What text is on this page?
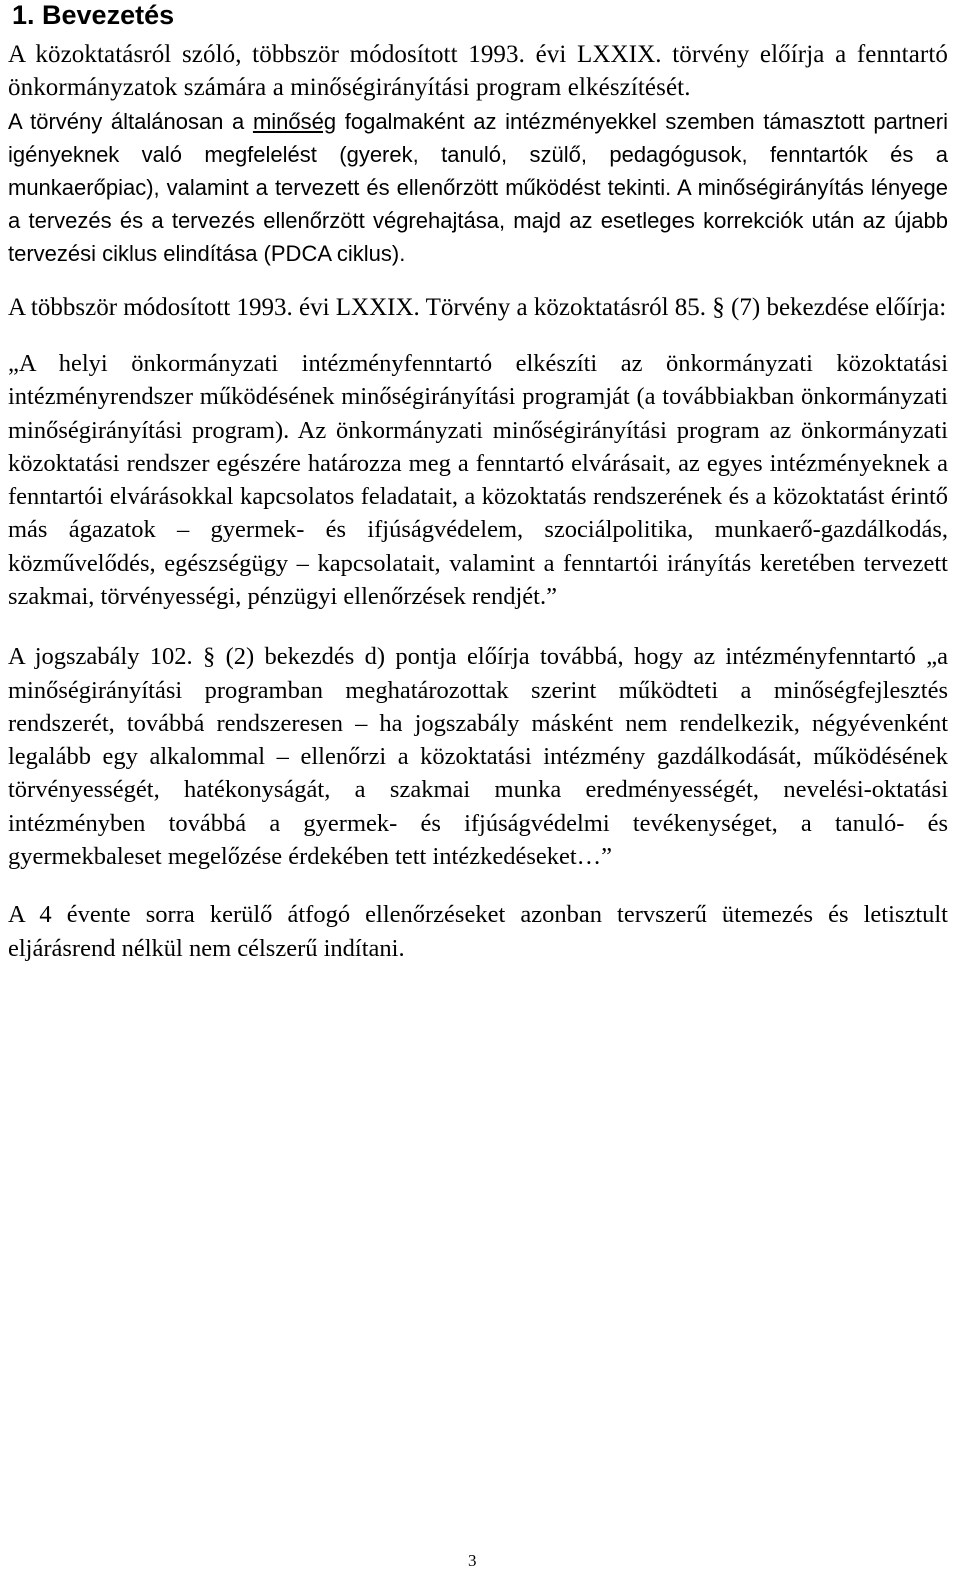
1. Bevezetés

A közoktatásról szóló, többször módosított 1993. évi LXXIX. törvény előírja a fenntartó önkormányzatok számára a minőségirányítási program elkészítését.

A törvény általánosan a minőség fogalmaként az intézményekkel szemben támasztott partneri igényeknek való megfelelést (gyerek, tanuló, szülő, pedagógusok, fenntartók és a munkaerőpiac), valamint a tervezett és ellenőrzött működést tekinti. A minőségirányítás lényege a tervezés és a tervezés ellenőrzött végrehajtása, majd az esetleges korrekciók után az újabb tervezési ciklus elindítása (PDCA ciklus).

A többször módosított 1993. évi LXXIX. Törvény a közoktatásról 85. § (7) bekezdése előírja:

„A helyi önkormányzati intézményfenntartó elkészíti az önkormányzati közoktatási intézményrendszer működésének minőségirányítási programját (a továbbiakban önkormányzati minőségirányítási program). Az önkormányzati minőségirányítási program az önkormányzati közoktatási rendszer egészére határozza meg a fenntartó elvárásait, az egyes intézményeknek a fenntartói elvárásokkal kapcsolatos feladatait, a közoktatás rendszerének és a közoktatást érintő más ágazatok – gyermek- és ifjúságvédelem, szociálpolitika, munkaerő-gazdálkodás, közművelődés, egészségügy – kapcsolatait, valamint a fenntartói irányítás keretében tervezett szakmai, törvényességi, pénzügyi ellenőrzések rendjét.”

A jogszabály 102. § (2) bekezdés d) pontja előírja továbbá, hogy az intézményfenntartó „a minőségirányítási programban meghatározottak szerint működteti a minőségfejlesztés rendszerét, továbbá rendszeresen – ha jogszabály másként nem rendelkezik, négyévenként legalább egy alkalommal – ellenőrzi a közoktatási intézmény gazdálkodását, működésének törvényességét, hatékonyságát, a szakmai munka eredményességét, nevelési-oktatási intézményben továbbá a gyermek- és ifjúságvédelmi tevékenységet, a tanuló- és gyermekbaleset megelőzése érdekében tett intézkedéseket…”

A 4 évente sorra kerülő átfogó ellenőrzéseket azonban tervszerű ütemezés és letisztult eljárásrend nélkül nem célszerű indítani.

3
